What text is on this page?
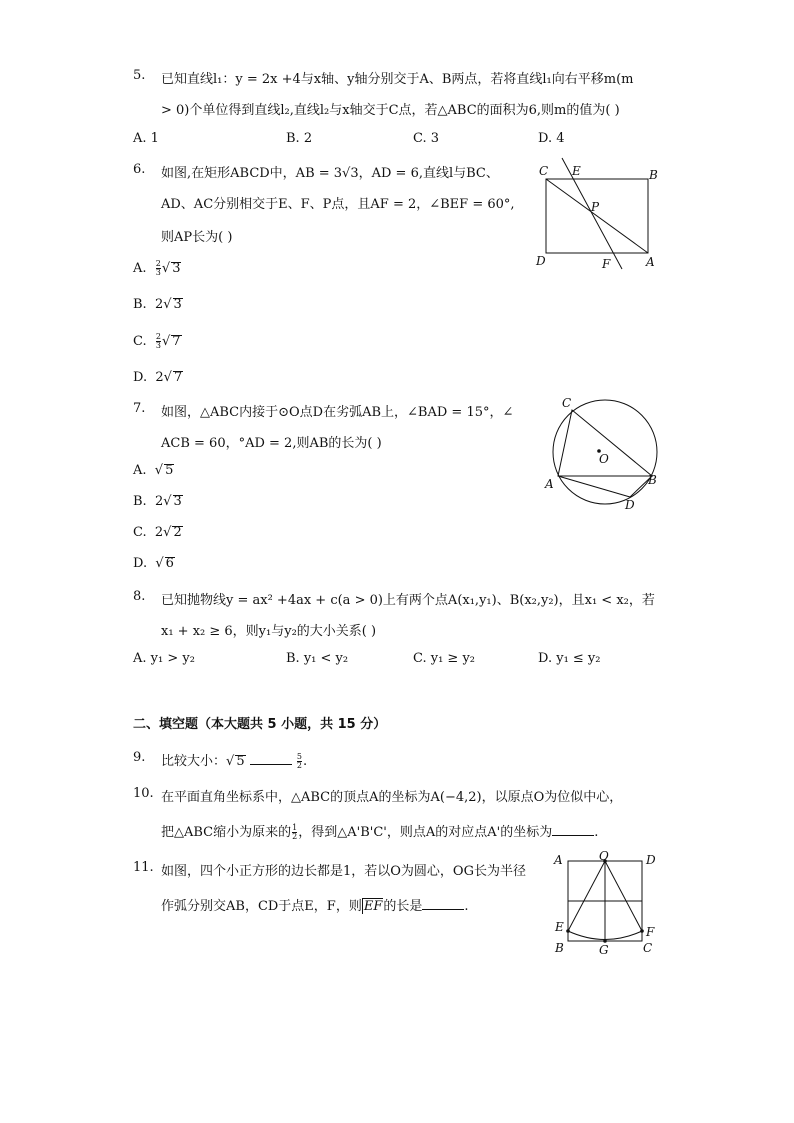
5. 已知直线l₁：y = 2x +4与x轴、y轴分别交于A、B两点，若将直线l₁向右平移m(m
> 0)个单位得到直线l₂,直线l₂与x轴交于C点，若△ABC的面积为6,则m的值为( )
A. 1	B. 2	C. 3	D. 4
6. 如图,在矩形ABCD中，AB = 3√3，AD = 6,直线l与BC、
AD、AC分别相交于E、F、P点，且AF = 2，∠BEF = 60°,
则AP长为( )
A. $\frac{2}{3}$ √ 3
B. 2√ 3
C. $\frac{2}{3}$ √ 7
D. 2√ 7
C E	B
P
D	F	A
7. 如图，△ABC内接于⊙O点D在劣弧AB上，∠BAD = 15°，∠
ACB = 60，°AD = 2,则AB的长为( )
A.  √ 5
B. 2√ 3
C. 2√ 2
D.  √ 6
C
O
A	B
D
8. 已知抛物线y = ax² +4ax + c(a > 0)上有两个点A(x₁,y₁)、B(x₂,y₂)，且x₁ < x₂，若
x₁ + x₂ ≥ 6，则y₁与y₂的大小关系( )
A. y₁ > y₂	B. y₁ < y₂	C. y₁ ≥ y₂	D. y₁ ≤ y₂
二、填空题（本大题共 5 小题，共 15 分）
9. 比较大小：√ 5	$\frac{5}{2}$ .
10. 在平面直角坐标系中，△ABC的顶点A的坐标为A(−4,2)，以原点O为位似中心，
把△ABC缩小为原来的 $\frac{1}{2}$ ，得到△A'B'C'，则点A的对应点A'的坐标为	.
11. 如图，四个小正方形的边长都是1，若以O为圆心，OG长为半径
作弧分别交AB，CD于点E，F，则 EF的长是	.
A	O	D
E	F
B	G	C
